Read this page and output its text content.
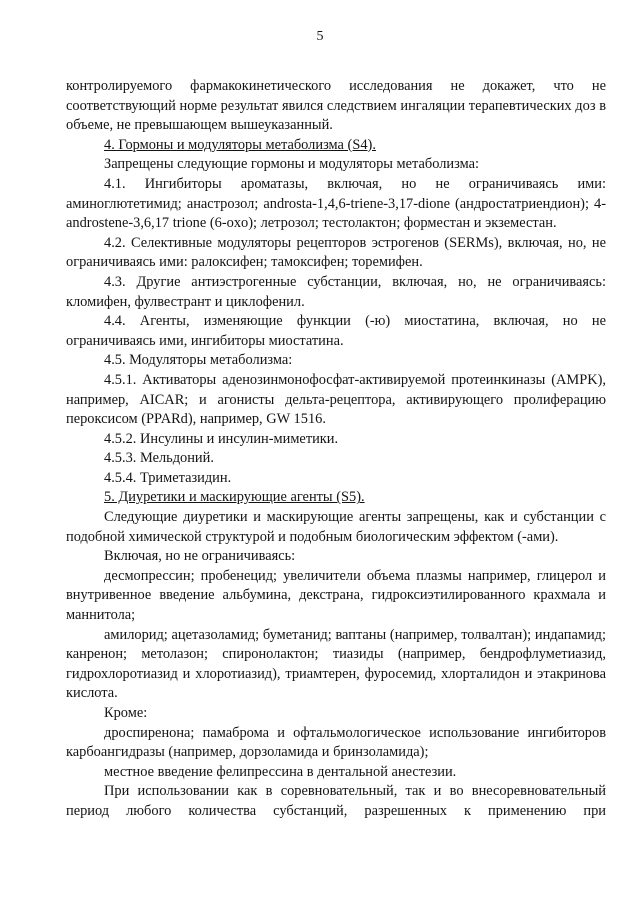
5

контролируемого фармакокинетического исследования не докажет, что не соответствующий норме результат явился следствием ингаляции терапевтических доз в объеме, не превышающем вышеуказанный.

4. Гормоны и модуляторы метаболизма (S4).

Запрещены следующие гормоны и модуляторы метаболизма:

4.1. Ингибиторы ароматазы, включая, но не ограничиваясь ими: аминоглютетимид; анастрозол; androsta-1,4,6-triene-3,17-dione (андростатриендион); 4-androstene-3,6,17 trione (6-oxo); летрозол; тестолактон; форместан и экземестан.

4.2. Селективные модуляторы рецепторов эстрогенов (SERMs), включая, но, не ограничиваясь ими: ралоксифен; тамоксифен; торемифен.

4.3. Другие антиэстрогенные субстанции, включая, но, не ограничиваясь: кломифен, фулвестрант и циклофенил.

4.4. Агенты, изменяющие функции (-ю) миостатина, включая, но не ограничиваясь ими, ингибиторы миостатина.

4.5. Модуляторы метаболизма:

4.5.1. Активаторы аденозинмонофосфат-активируемой протеинкиназы (AMPK), например, AICAR; и агонисты дельта-рецептора, активирующего пролиферацию пероксисом (PPARd), например, GW 1516.

4.5.2. Инсулины и инсулин-миметики.

4.5.3. Мельдоний.

4.5.4. Триметазидин.

5. Диуретики и маскирующие агенты (S5).

Следующие диуретики и маскирующие агенты запрещены, как и субстанции с подобной химической структурой и подобным биологическим эффектом (-ами).

Включая, но не ограничиваясь:

десмопрессин; пробенецид; увеличители объема плазмы например, глицерол и внутривенное введение альбумина, декстрана, гидроксиэтилированного крахмала и маннитола;

амилорид; ацетазоламид; буметанид; ваптаны (например, толвалтан); индапамид; канренон; метолазон; спиронолактон; тиазиды (например, бендрофлуметиазид, гидрохлоротиазид и хлоротиазид), триамтерен, фуросемид, хлорталидон и этакринова кислота.

Кроме:

дроспиренона; памаброма и офтальмологическое использование ингибиторов карбоангидразы (например, дорзоламида и бринзоламида);

местное введение фелипрессина в дентальной анестезии.

При использовании как в соревновательный, так и во внесоревновательный период любого количества субстанций, разрешенных к применению при
